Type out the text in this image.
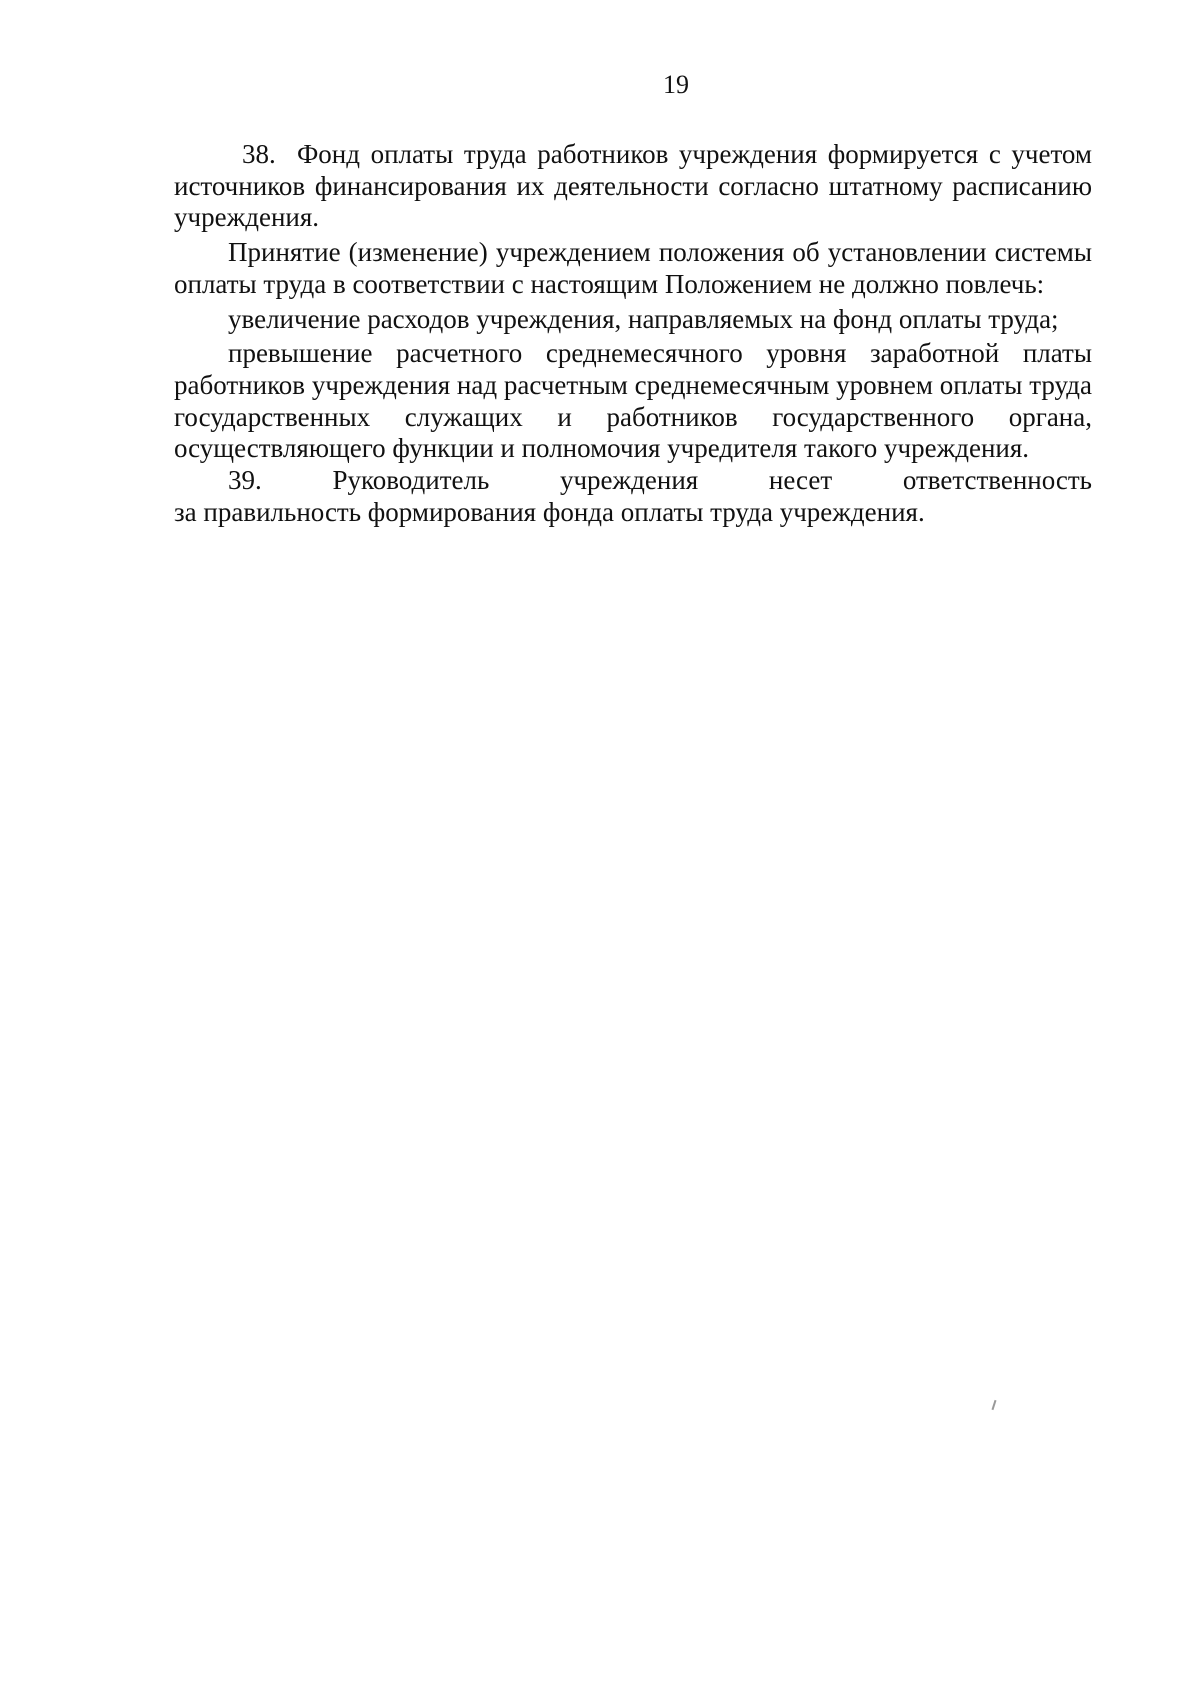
19

38.  Фонд оплаты труда работников учреждения формируется с учетом источников финансирования их деятельности согласно штатному расписанию учреждения.

Принятие (изменение) учреждением положения об установлении системы оплаты труда в соответствии с настоящим Положением не должно повлечь:

увеличение расходов учреждения, направляемых на фонд оплаты труда;

превышение расчетного среднемесячного уровня заработной платы работников учреждения над расчетным среднемесячным уровнем оплаты труда государственных служащих и работников государственного органа, осуществляющего функции и полномочия учредителя такого учреждения.

39. Руководитель учреждения несет ответственность

за правильность формирования фонда оплаты труда учреждения.
